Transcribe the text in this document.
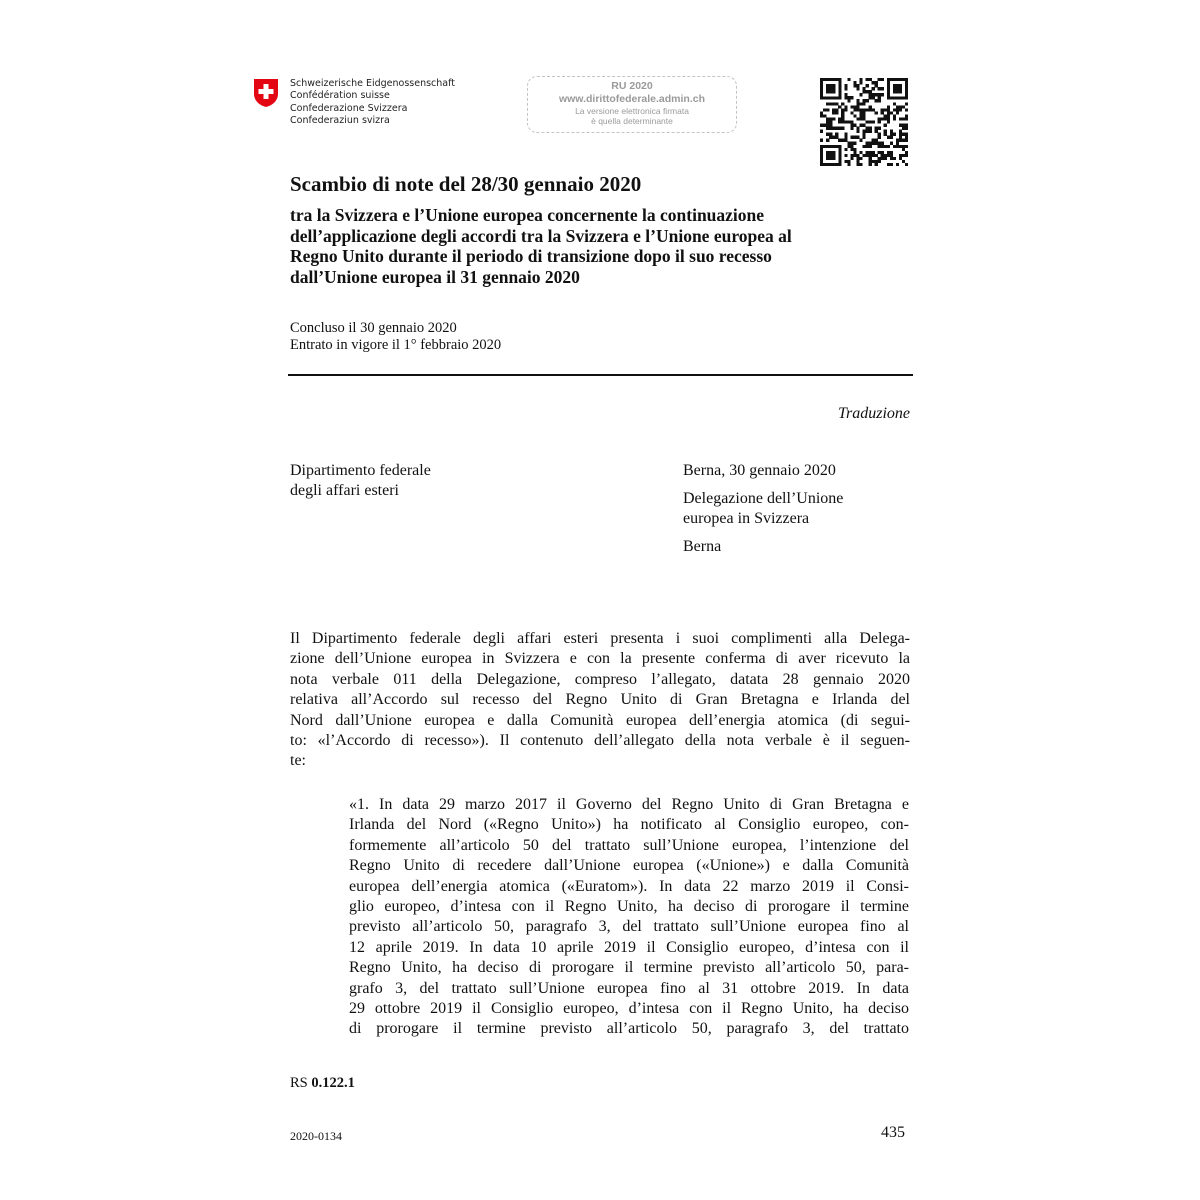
Schweizerische Eidgenossenschaft
Confédération suisse
Confederazione Svizzera
Confederaziun svizra
RU 2020
www.dirittofederale.admin.ch
La versione elettronica firmata
è quella determinante
Scambio di note del 28/30 gennaio 2020
tra la Svizzera e l’Unione europea concernente la continuazione
dell’applicazione degli accordi tra la Svizzera e l’Unione europea al
Regno Unito durante il periodo di transizione dopo il suo recesso
dall’Unione europea il 31 gennaio 2020
Concluso il 30 gennaio 2020
Entrato in vigore il 1° febbraio 2020
Traduzione
Dipartimento federale
degli affari esteri
Berna, 30 gennaio 2020
Delegazione dell’Unione
europea in Svizzera
Berna
Il Dipartimento federale degli affari esteri presenta i suoi complimenti alla Delega-
zione dell’Unione europea in Svizzera e con la presente conferma di aver ricevuto la
nota verbale 011 della Delegazione, compreso l’allegato, datata 28 gennaio 2020
relativa all’Accordo sul recesso del Regno Unito di Gran Bretagna e Irlanda del
Nord dall’Unione europea e dalla Comunità europea dell’energia atomica (di segui-
to: «l’Accordo di recesso»). Il contenuto dell’allegato della nota verbale è il seguen-
te:
«1. In data 29 marzo 2017 il Governo del Regno Unito di Gran Bretagna e
Irlanda del Nord («Regno Unito») ha notificato al Consiglio europeo, con-
formemente all’articolo 50 del trattato sull’Unione europea, l’intenzione del
Regno Unito di recedere dall’Unione europea («Unione») e dalla Comunità
europea dell’energia atomica («Euratom»). In data 22 marzo 2019 il Consi-
glio europeo, d’intesa con il Regno Unito, ha deciso di prorogare il termine
previsto all’articolo 50, paragrafo 3, del trattato sull’Unione europea fino al
12 aprile 2019. In data 10 aprile 2019 il Consiglio europeo, d’intesa con il
Regno Unito, ha deciso di prorogare il termine previsto all’articolo 50, para-
grafo 3, del trattato sull’Unione europea fino al 31 ottobre 2019. In data
29 ottobre 2019 il Consiglio europeo, d’intesa con il Regno Unito, ha deciso
di prorogare il termine previsto all’articolo 50, paragrafo 3, del trattato
RS 0.122.1
2020-0134	435
